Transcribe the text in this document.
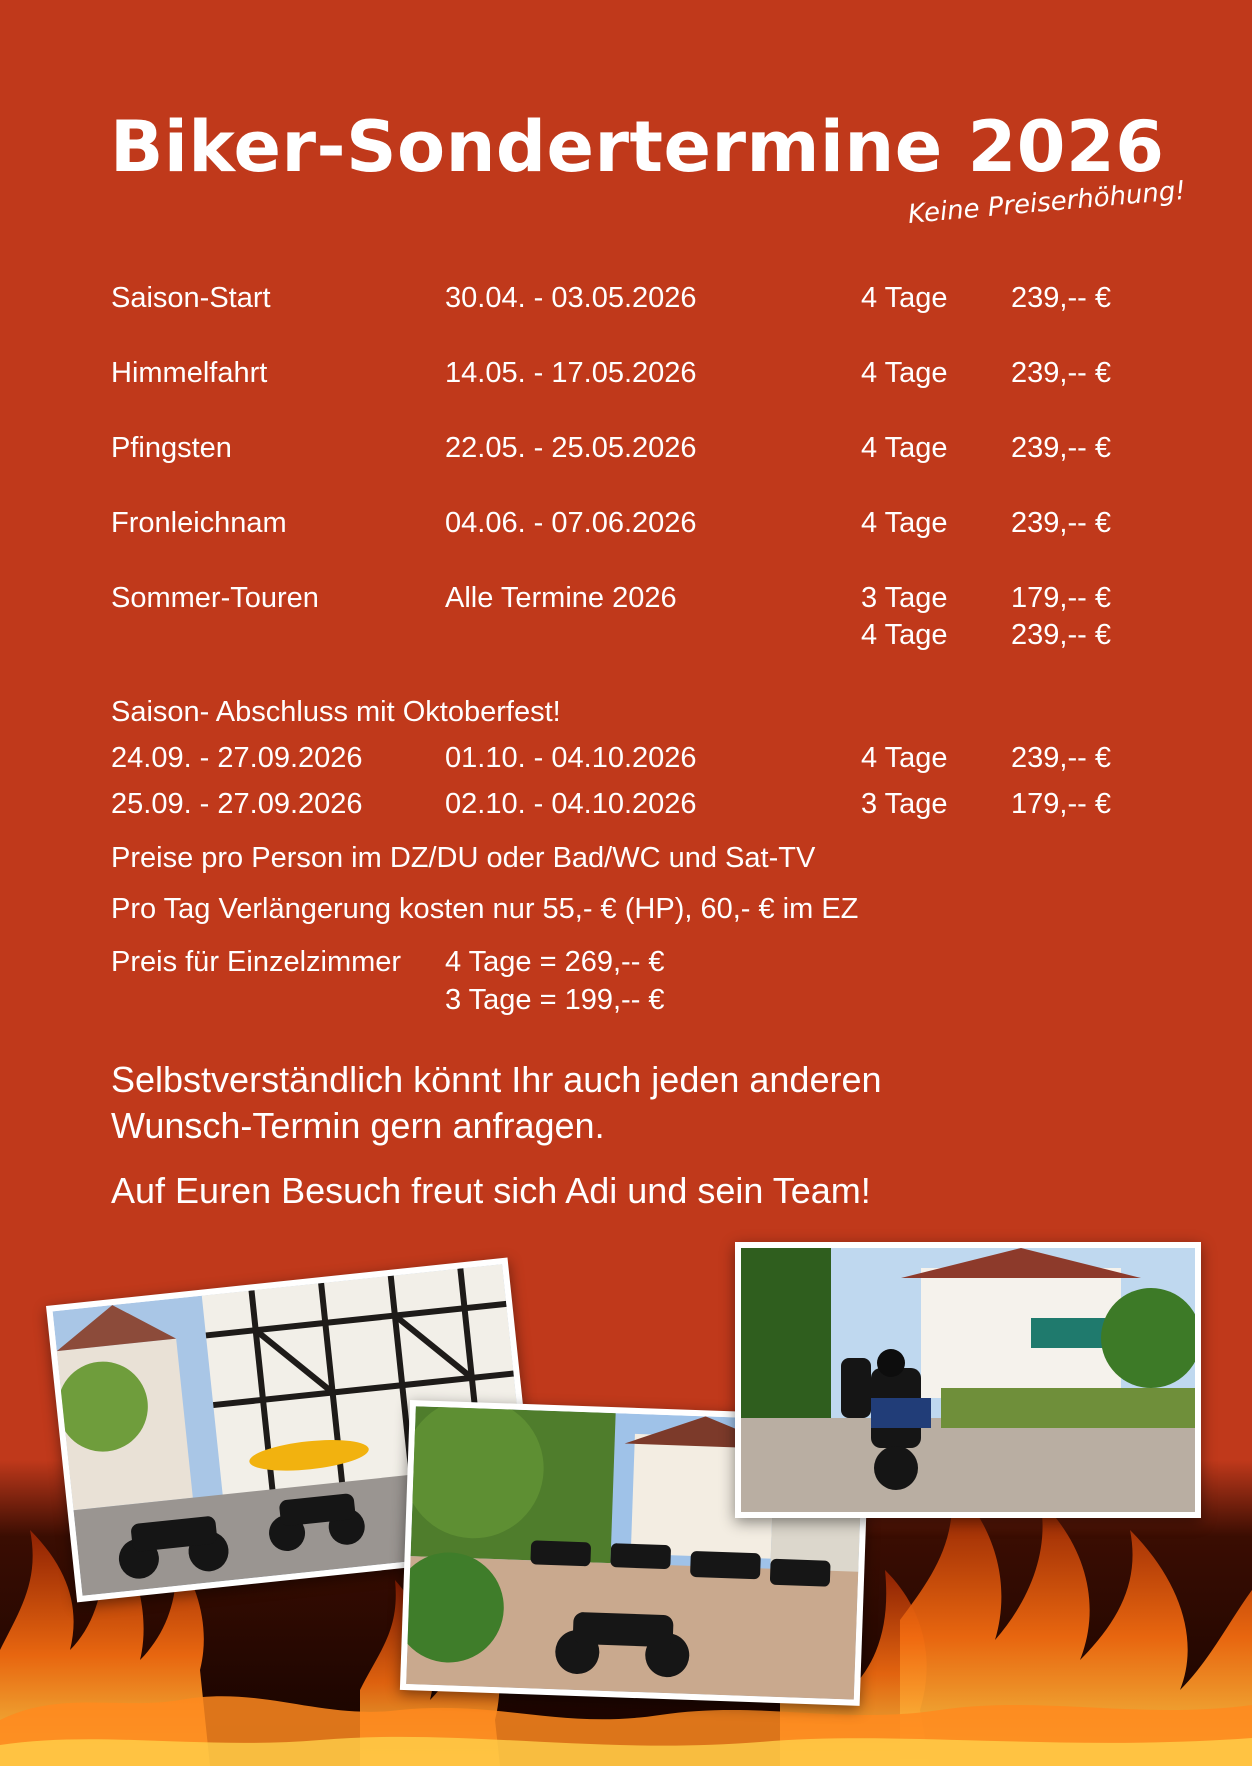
Biker-Sondertermine 2026
Keine Preiserhöhung!
Saison-Start	30.04. - 03.05.2026	4 Tage 239,-- €
Himmelfahrt	14.05. - 17.05.2026	4 Tage 239,-- €
Pfingsten	22.05. - 25.05.2026	4 Tage 239,-- €
Fronleichnam	04.06. - 07.06.2026	4 Tage 239,-- €
Sommer-Touren	Alle Termine 2026	3 Tage 179,-- €
4 Tage 239,-- €
Saison- Abschluss mit Oktoberfest!
24.09. - 27.09.2026	01.10. - 04.10.2026	4 Tage 239,-- €
25.09. - 27.09.2026	02.10. - 04.10.2026	3 Tage 179,-- €
Preise pro Person im DZ/DU oder Bad/WC und Sat-TV
Pro Tag Verlängerung kosten nur 55,- € (HP), 60,- € im EZ
Preis für Einzelzimmer 4 Tage = 269,-- €
3 Tage = 199,-- €
Selbstverständlich könnt Ihr auch jeden anderen
Wunsch-Termin gern anfragen.
Auf Euren Besuch freut sich Adi und sein Team!
